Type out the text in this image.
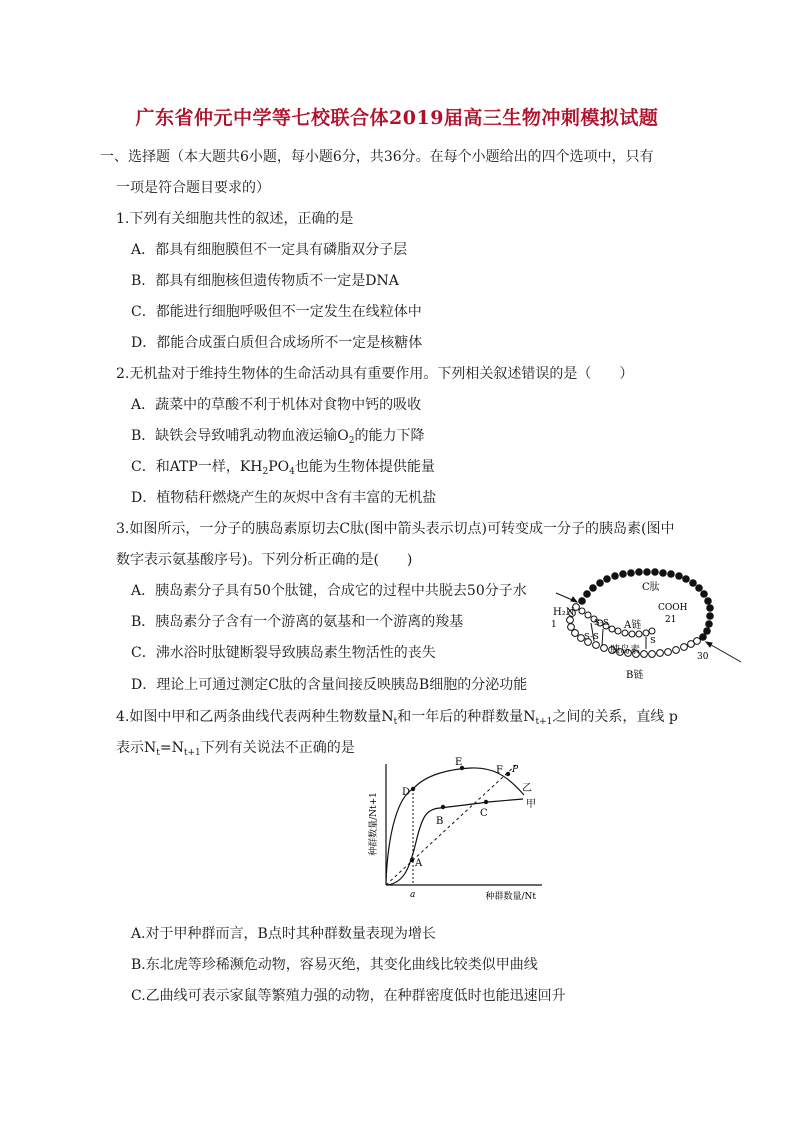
广东省仲元中学等七校联合体2019届高三生物冲刺模拟试题
一、选择题（本大题共6小题，每小题6分，共36分。在每个小题给出的四个选项中，只有
一项是符合题目要求的）
1.下列有关细胞共性的叙述，正确的是
A．都具有细胞膜但不一定具有磷脂双分子层
B．都具有细胞核但遗传物质不一定是DNA
C．都能进行细胞呼吸但不一定发生在线粒体中
D．都能合成蛋白质但合成场所不一定是核糖体
2.无机盐对于维持生物体的生命活动具有重要作用。下列相关叙述错误的是（　　）
A．蔬菜中的草酸不利于机体对食物中钙的吸收
B．缺铁会导致哺乳动物血液运输$O_2$的能力下降
C．和ATP一样，$KH_2PO_4$也能为生物体提供能量
D．植物秸秆燃烧产生的灰烬中含有丰富的无机盐
3.如图所示，一分子的胰岛素原切去C肽(图中箭头表示切点)可转变成一分子的胰岛素(图中
数字表示氨基酸序号)。下列分析正确的是(　　)
A．胰岛素分子具有50个肽键，合成它的过程中共脱去50分子水
B．胰岛素分子含有一个游离的氨基和一个游离的羧基
C．沸水浴时肽键断裂导致胰岛素生物活性的丧失
D．理论上可通过测定C肽的含量间接反映胰岛B细胞的分泌功能
C肽
H₂N
1
COOH
21
30
S-S
S-S	S
A链
胰岛素
B链
4.如图中甲和乙两条曲线代表两种生物数量$N_t$和一年后的种群数量$N_{t+1}$之间的关系，直线 p
表示$N_t=N_{t+1}$下列有关说法不正确的是
种群数量/Nt+1
种群数量/Nt
a
A
B
C
D
E
F P
乙
甲
A.对于甲种群而言，B点时其种群数量表现为增长
B.东北虎等珍稀濒危动物，容易灭绝，其变化曲线比较类似甲曲线
C.乙曲线可表示家鼠等繁殖力强的动物，在种群密度低时也能迅速回升
